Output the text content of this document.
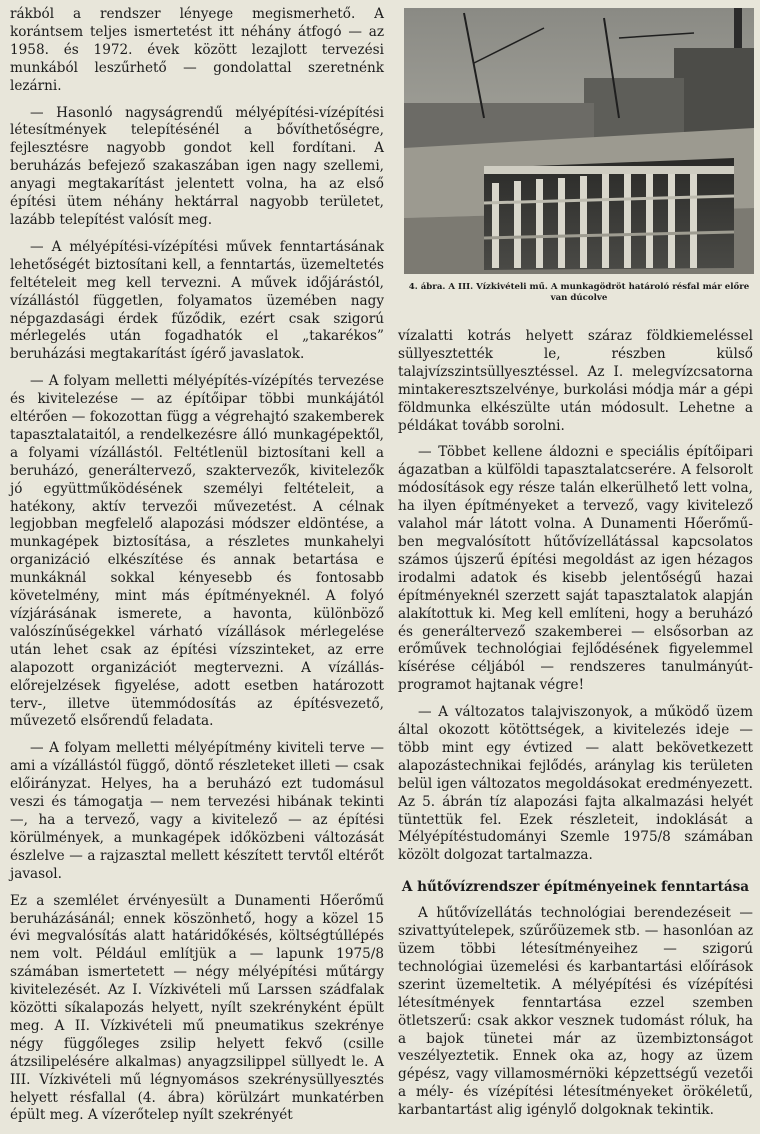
rákból a rendszer lényege megismerhető. A korántsem teljes ismertetést itt néhány átfogó — az 1958. és 1972. évek között lezajlott tervezési munkából leszűrhető — gondolattal szeretnénk lezárni.

— Hasonló nagyságrendű mélyépítési-vízépítési létesítmények telepítésénél a bővíthetőségre, fejlesztésre nagyobb gondot kell fordítani. A beruházás befejező szakaszában igen nagy szellemi, anyagi megtakarítást jelentett volna, ha az első építési ütem néhány hektárral nagyobb területet, lazább telepítést valósít meg.

— A mélyépítési-vízépítési művek fenntartásának lehetőségét biztosítani kell, a fenntartás, üzemeltetés feltételeit meg kell tervezni. A művek időjárástól, vízállástól független, folyamatos üzemében nagy népgazdasági érdek fűződik, ezért csak szigorú mérlegelés után fogadhatók el „takarékos” beruházási megtakarítást ígérő javaslatok.

— A folyam melletti mélyépítés-vízépítés tervezése és kivitelezése — az építőipar többi munkájától eltérően — fokozottan függ a végrehajtó szakemberek tapasztalataitól, a rendelkezésre álló munkagépektől, a folyami vízállástól. Feltétlenül biztosítani kell a beruházó, generáltervező, szaktervezők, kivitelezők jó együttműködésének személyi feltételeit, a hatékony, aktív tervezői művezetést. A célnak legjobban megfelelő alapozási módszer eldöntése, a munkagépek biztosítása, a részletes munkahelyi organizáció elkészítése és annak betartása e munkáknál sokkal kényesebb és fontosabb követelmény, mint más építményeknél. A folyó vízjárásának ismerete, a havonta, különböző valószínűségekkel várható vízállások mérlegelése után lehet csak az építési vízszinteket, az erre alapozott organizációt megtervezni. A vízállás-előrejelzések figyelése, adott esetben határozott terv-, illetve ütemmódosítás az építésvezető, művezető elsőrendű feladata.

— A folyam melletti mélyépítmény kiviteli terve — ami a vízállástól függő, döntő részleteket illeti — csak előirányzat. Helyes, ha a beruházó ezt tudomásul veszi és támogatja — nem tervezési hibának tekinti —, ha a tervező, vagy a kivitelező — az építési körülmények, a munkagépek időközbeni változását észlelve — a rajzasztal mellett készített tervtől eltérőt javasol.

Ez a szemlélet érvényesült a Dunamenti Hőerőmű beruházásánál; ennek köszönhető, hogy a közel 15 évi megvalósítás alatt határidőkésés, költségtúllépés nem volt. Például említjük a — lapunk 1975/8 számában ismertetett — négy mélyépítési műtárgy kivitelezését. Az I. Vízkivételi mű Larssen szádfalak közötti síkalapozás helyett, nyílt szekrényként épült meg. A II. Vízkivételi mű pneumatikus szekrénye négy függőleges zsilip helyett fekvő (csille átzsilipelésére alkalmas) anyagzsilippel süllyedt le. A III. Vízkivételi mű légnyomásos szekrénysüllyesztés helyett résfallal (4. ábra) körülzárt munkatérben épült meg. A vízerőtelep nyílt szekrényét

4. ábra. A III. Vízkivételi mű. A munkagödröt határoló résfal már előre van dúcolve

vízalatti kotrás helyett száraz földkiemeléssel süllyesztették le, részben külső talajvízszintsüllyesztéssel. Az I. melegvízcsatorna mintakeresztszelvénye, burkolási módja már a gépi földmunka elkészülte után módosult. Lehetne a példákat tovább sorolni.

— Többet kellene áldozni e speciális építőipari ágazatban a külföldi tapasztalatcserére. A felsorolt módosítások egy része talán elkerülhető lett volna, ha ilyen építményeket a tervező, vagy kivitelező valahol már látott volna. A Dunamenti Hőerőmű-ben megvalósított hűtővízellátással kapcsolatos számos újszerű építési megoldást az igen hézagos irodalmi adatok és kisebb jelentőségű hazai építményeknél szerzett saját tapasztalatok alapján alakítottuk ki. Meg kell említeni, hogy a beruházó és generáltervező szakemberei — elsősorban az erőművek technológiai fejlődésének figyelemmel kísérése céljából — rendszeres tanulmányút-programot hajtanak végre!

— A változatos talajviszonyok, a működő üzem által okozott kötöttségek, a kivitelezés ideje — több mint egy évtized — alatt bekövetkezett alapozástechnikai fejlődés, aránylag kis területen belül igen változatos megoldásokat eredményezett. Az 5. ábrán tíz alapozási fajta alkalmazási helyét tüntettük fel. Ezek részleteit, indoklását a Mélyépítéstudományi Szemle 1975/8 számában közölt dolgozat tartalmazza.

A hűtővízrendszer építményeinek fenntartása

A hűtővízellátás technológiai berendezéseit — szivattyútelepek, szűrőüzemek stb. — hasonlóan az üzem többi létesítményeihez — szigorú technológiai üzemelési és karbantartási előírások szerint üzemeltetik. A mélyépítési és vízépítési létesítmények fenntartása ezzel szemben ötletszerű: csak akkor vesznek tudomást róluk, ha a bajok tünetei már az üzembiztonságot veszélyeztetik. Ennek oka az, hogy az üzem gépész, vagy villamosmérnöki képzettségű vezetői a mély- és vízépítési létesítményeket örökéletű, karbantartást alig igénylő dolgoknak tekintik.
